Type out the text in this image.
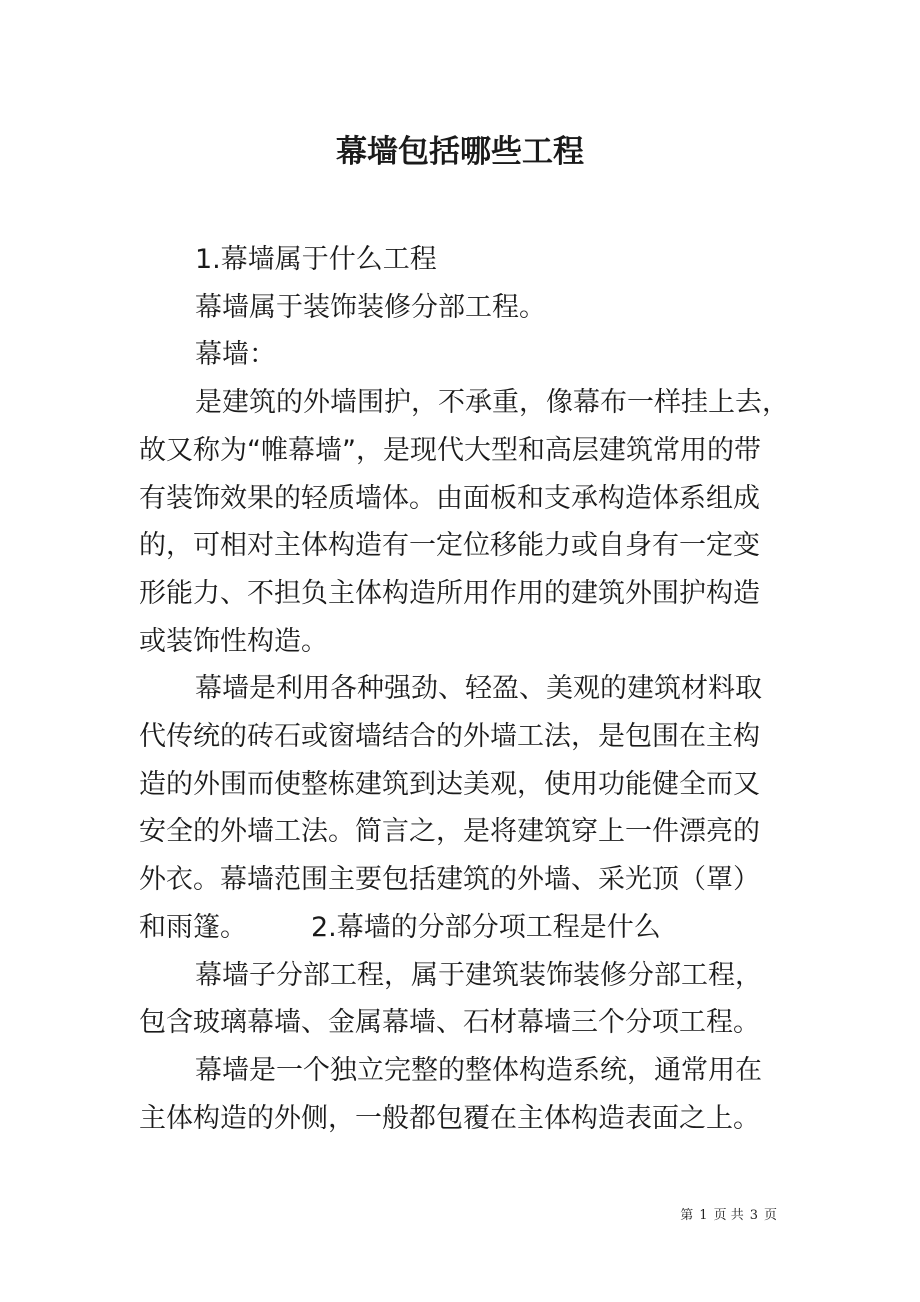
幕墙包括哪些工程
1.幕墙属于什么工程
幕墙属于装饰装修分部工程。
幕墙：
是建筑的外墙围护，不承重，像幕布一样挂上去，
故又称为“帷幕墙”，是现代大型和高层建筑常用的带
有装饰效果的轻质墙体。由面板和支承构造体系组成
的，可相对主体构造有一定位移能力或自身有一定变
形能力、不担负主体构造所用作用的建筑外围护构造
或装饰性构造。
幕墙是利用各种强劲、轻盈、美观的建筑材料取
代传统的砖石或窗墙结合的外墙工法，是包围在主构
造的外围而使整栋建筑到达美观，使用功能健全而又
安全的外墙工法。简言之，是将建筑穿上一件漂亮的
外衣。幕墙范围主要包括建筑的外墙、采光顶（罩）
和雨篷。 2.幕墙的分部分项工程是什么
幕墙子分部工程，属于建筑装饰装修分部工程，
包含玻璃幕墙、金属幕墙、石材幕墙三个分项工程。
幕墙是一个独立完整的整体构造系统，通常用在
主体构造的外侧，一般都包覆在主体构造表面之上。
第 1 页 共 3 页
